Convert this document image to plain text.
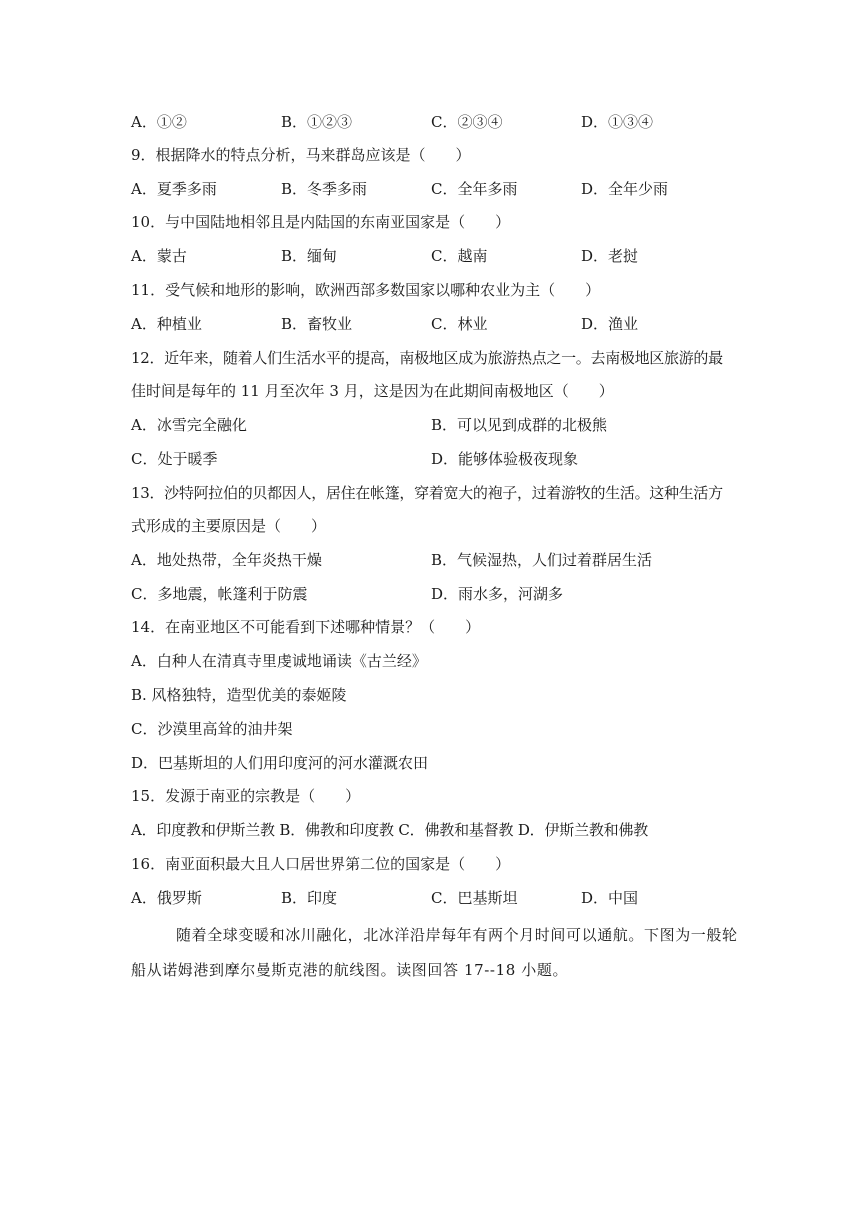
A．①②	B．①②③	C．②③④	D．①③④
9．根据降水的特点分析，马来群岛应该是（　　）
A．夏季多雨	B．冬季多雨	C．全年多雨	D．全年少雨
10．与中国陆地相邻且是内陆国的东南亚国家是（　　）
A．蒙古	B．缅甸	C．越南	D．老挝
11．受气候和地形的影响，欧洲西部多数国家以哪种农业为主（　　）
A．种植业	B．畜牧业	C．林业	D．渔业
12．近年来，随着人们生活水平的提高，南极地区成为旅游热点之一。去南极地区旅游的最
佳时间是每年的 11 月至次年 3 月，这是因为在此期间南极地区（　　）
A．冰雪完全融化	B．可以见到成群的北极熊
C．处于暖季	D．能够体验极夜现象
13．沙特阿拉伯的贝都因人，居住在帐篷，穿着宽大的袍子，过着游牧的生活。这种生活方
式形成的主要原因是（　　）
A．地处热带，全年炎热干燥	B．气候湿热，人们过着群居生活
C．多地震，帐篷利于防震	D．雨水多，河湖多
14．在南亚地区不可能看到下述哪种情景？（　　）
A．白种人在清真寺里虔诚地诵读《古兰经》
B. 风格独特，造型优美的泰姬陵
C．沙漠里高耸的油井架
D．巴基斯坦的人们用印度河的河水灌溉农田
15．发源于南亚的宗教是（　　）
A．印度教和伊斯兰教 B．佛教和印度教 C．佛教和基督教 D．伊斯兰教和佛教
16．南亚面积最大且人口居世界第二位的国家是（　　）
A．俄罗斯	B．印度	C．巴基斯坦	D．中国
随着全球变暖和冰川融化，北冰洋沿岸每年有两个月时间可以通航。下图为一般轮
船从诺姆港到摩尔曼斯克港的航线图。读图回答 17--18 小题。
